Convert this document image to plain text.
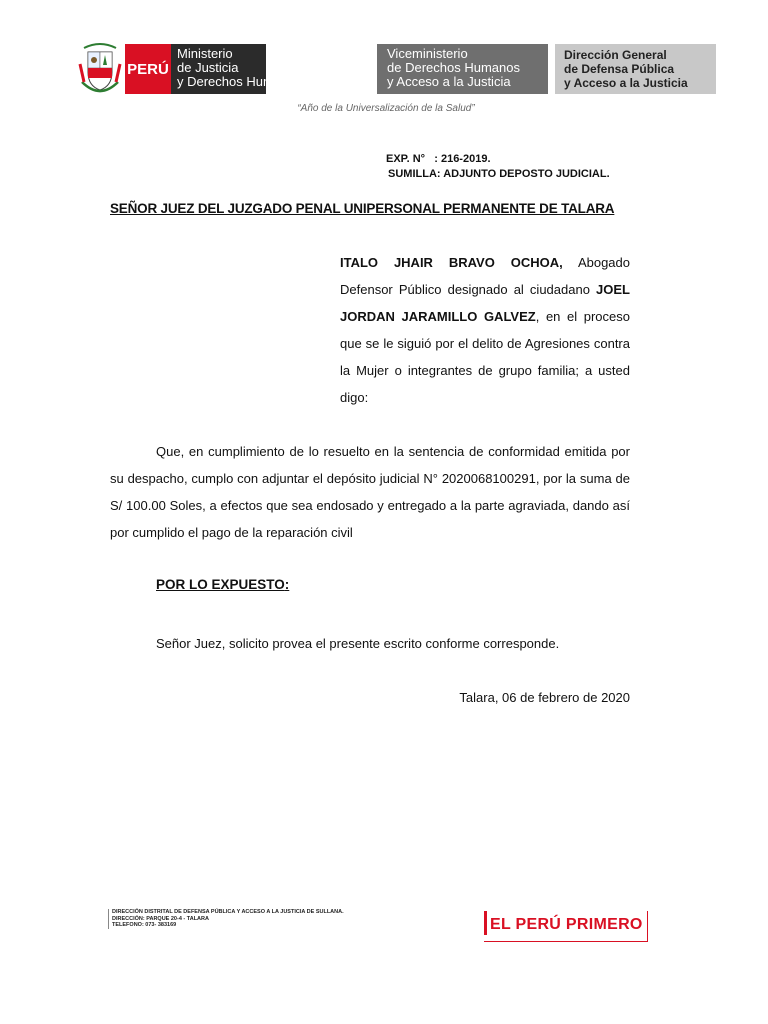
PERÚ
Ministerio
de Justicia
y Derechos Humanos
Viceministerio
de Derechos Humanos
y Acceso a la Justicia
Dirección General
de Defensa Pública
y Acceso a la Justicia
“Año de la Universalización de la Salud”
EXP. N° : 216-2019.
SUMILLA: ADJUNTO DEPOSTO JUDICIAL.
SEÑOR JUEZ DEL JUZGADO PENAL UNIPERSONAL PERMANENTE DE TALARA
ITALO JHAIR BRAVO OCHOA, Abogado Defensor Público designado al ciudadano JOEL JORDAN JARAMILLO GALVEZ, en el proceso que se le siguió por el delito de Agresiones contra la Mujer o integrantes de grupo familia; a usted digo:
Que, en cumplimiento de lo resuelto en la sentencia de conformidad emitida por su despacho, cumplo con adjuntar el depósito judicial N° 2020068100291, por la suma de S/ 100.00 Soles, a efectos que sea endosado y entregado a la parte agraviada, dando así por cumplido el pago de la reparación civil
POR LO EXPUESTO:
Señor Juez, solicito provea el presente escrito conforme corresponde.
Talara, 06 de febrero de 2020
DIRECCIÓN DISTRITAL DE DEFENSA PÚBLICA Y ACCESO A LA JUSTICIA DE SULLANA.
DIRECCIÓN: PARQUE 20-4 - TALARA
TELEFONO: 073- 383169	EL PERÚ PRIMERO
